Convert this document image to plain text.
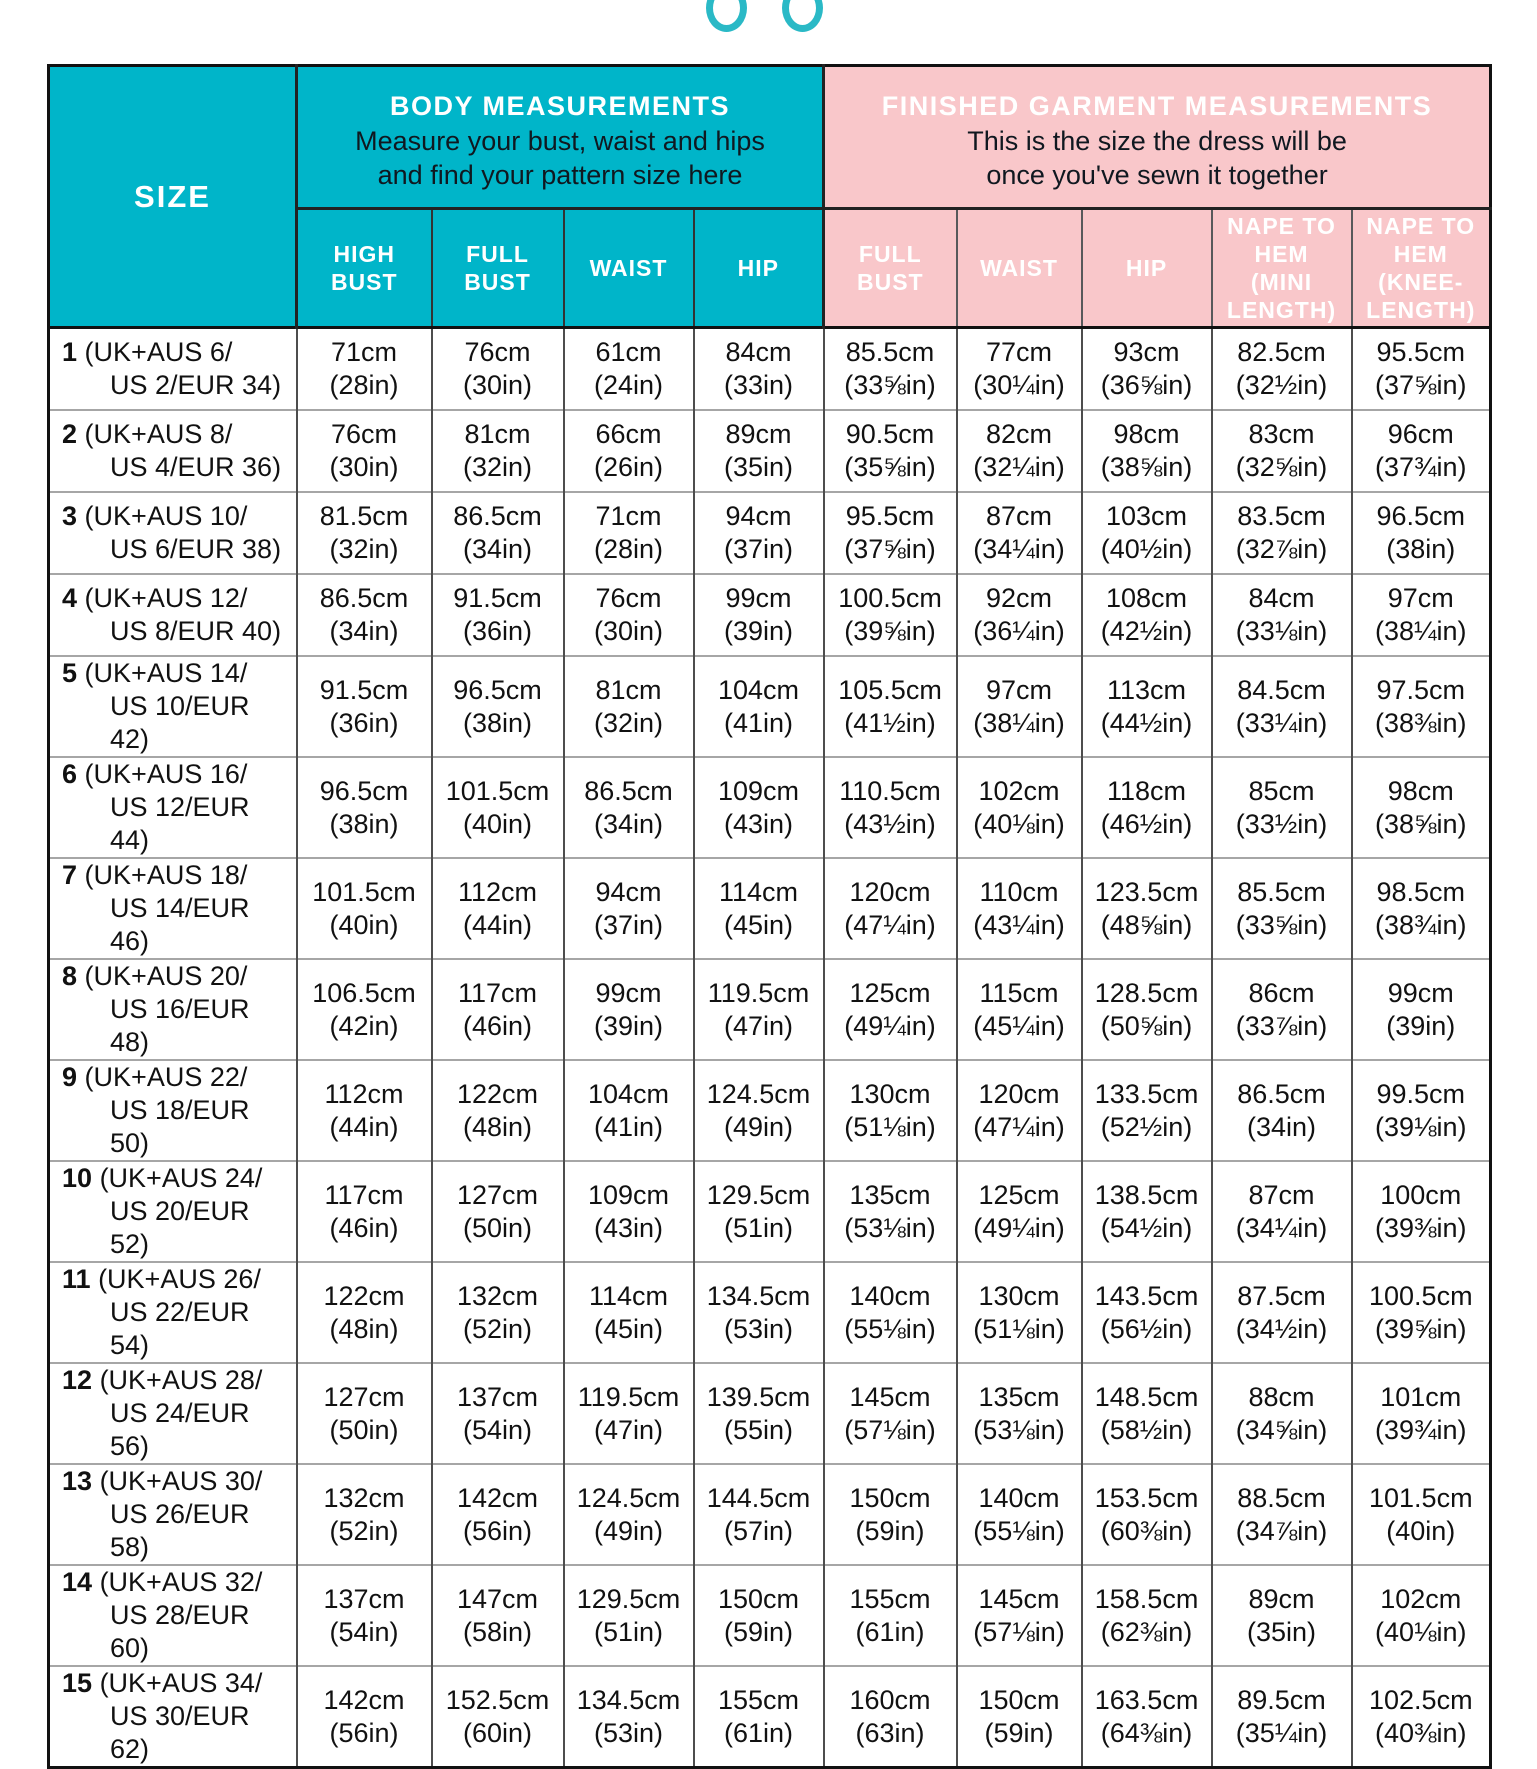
SIZE	BODY MEASUREMENTS
Measure your bust, waist and hips
and find your pattern size here				FINISHED GARMENT MEASUREMENTS
This is the size the dress will be
once you've sewn it together				

	HIGH BUST	FULL BUST	WAIST	HIP	FULL BUST	WAIST	HIP	NAPE TO HEM (MINI LENGTH)	NAPE TO HEM (KNEE- LENGTH)

1 (UK+AUS 6/
US 2/EUR 34)	71cm
(28in)	76cm
(30in)	61cm
(24in)	84cm
(33in)	85.5cm
(33⅝in)	77cm
(30¼in)	93cm
(36⅝in)	82.5cm
(32½in)	95.5cm
(37⅝in)

2 (UK+AUS 8/
US 4/EUR 36)	76cm
(30in)	81cm
(32in)	66cm
(26in)	89cm
(35in)	90.5cm
(35⅝in)	82cm
(32¼in)	98cm
(38⅝in)	83cm
(32⅝in)	96cm
(37¾in)

3 (UK+AUS 10/
US 6/EUR 38)	81.5cm
(32in)	86.5cm
(34in)	71cm
(28in)	94cm
(37in)	95.5cm
(37⅝in)	87cm
(34¼in)	103cm
(40½in)	83.5cm
(32⅞in)	96.5cm
(38in)

4 (UK+AUS 12/
US 8/EUR 40)	86.5cm
(34in)	91.5cm
(36in)	76cm
(30in)	99cm
(39in)	100.5cm
(39⅝in)	92cm
(36¼in)	108cm
(42½in)	84cm
(33⅛in)	97cm
(38¼in)

5 (UK+AUS 14/
US 10/EUR 42)	91.5cm
(36in)	96.5cm
(38in)	81cm
(32in)	104cm
(41in)	105.5cm
(41½in)	97cm
(38¼in)	113cm
(44½in)	84.5cm
(33¼in)	97.5cm
(38⅜in)

6 (UK+AUS 16/
US 12/EUR 44)	96.5cm
(38in)	101.5cm
(40in)	86.5cm
(34in)	109cm
(43in)	110.5cm
(43½in)	102cm
(40⅛in)	118cm
(46½in)	85cm
(33½in)	98cm
(38⅝in)

7 (UK+AUS 18/
US 14/EUR 46)	101.5cm
(40in)	112cm
(44in)	94cm
(37in)	114cm
(45in)	120cm
(47¼in)	110cm
(43¼in)	123.5cm
(48⅝in)	85.5cm
(33⅝in)	98.5cm
(38¾in)

8 (UK+AUS 20/
US 16/EUR 48)	106.5cm
(42in)	117cm
(46in)	99cm
(39in)	119.5cm
(47in)	125cm
(49¼in)	115cm
(45¼in)	128.5cm
(50⅝in)	86cm
(33⅞in)	99cm
(39in)

9 (UK+AUS 22/
US 18/EUR 50)	112cm
(44in)	122cm
(48in)	104cm
(41in)	124.5cm
(49in)	130cm
(51⅛in)	120cm
(47¼in)	133.5cm
(52½in)	86.5cm
(34in)	99.5cm
(39⅛in)

10 (UK+AUS 24/
US 20/EUR 52)	117cm
(46in)	127cm
(50in)	109cm
(43in)	129.5cm
(51in)	135cm
(53⅛in)	125cm
(49¼in)	138.5cm
(54½in)	87cm
(34¼in)	100cm
(39⅜in)

11 (UK+AUS 26/
US 22/EUR 54)	122cm
(48in)	132cm
(52in)	114cm
(45in)	134.5cm
(53in)	140cm
(55⅛in)	130cm
(51⅛in)	143.5cm
(56½in)	87.5cm
(34½in)	100.5cm
(39⅝in)

12 (UK+AUS 28/
US 24/EUR 56)	127cm
(50in)	137cm
(54in)	119.5cm
(47in)	139.5cm
(55in)	145cm
(57⅛in)	135cm
(53⅛in)	148.5cm
(58½in)	88cm
(34⅝in)	101cm
(39¾in)

13 (UK+AUS 30/
US 26/EUR 58)	132cm
(52in)	142cm
(56in)	124.5cm
(49in)	144.5cm
(57in)	150cm
(59in)	140cm
(55⅛in)	153.5cm
(60⅜in)	88.5cm
(34⅞in)	101.5cm
(40in)

14 (UK+AUS 32/
US 28/EUR 60)	137cm
(54in)	147cm
(58in)	129.5cm
(51in)	150cm
(59in)	155cm
(61in)	145cm
(57⅛in)	158.5cm
(62⅜in)	89cm
(35in)	102cm
(40⅛in)

15 (UK+AUS 34/
US 30/EUR 62)	142cm
(56in)	152.5cm
(60in)	134.5cm
(53in)	155cm
(61in)	160cm
(63in)	150cm
(59in)	163.5cm
(64⅜in)	89.5cm
(35¼in)	102.5cm
(40⅜in)
